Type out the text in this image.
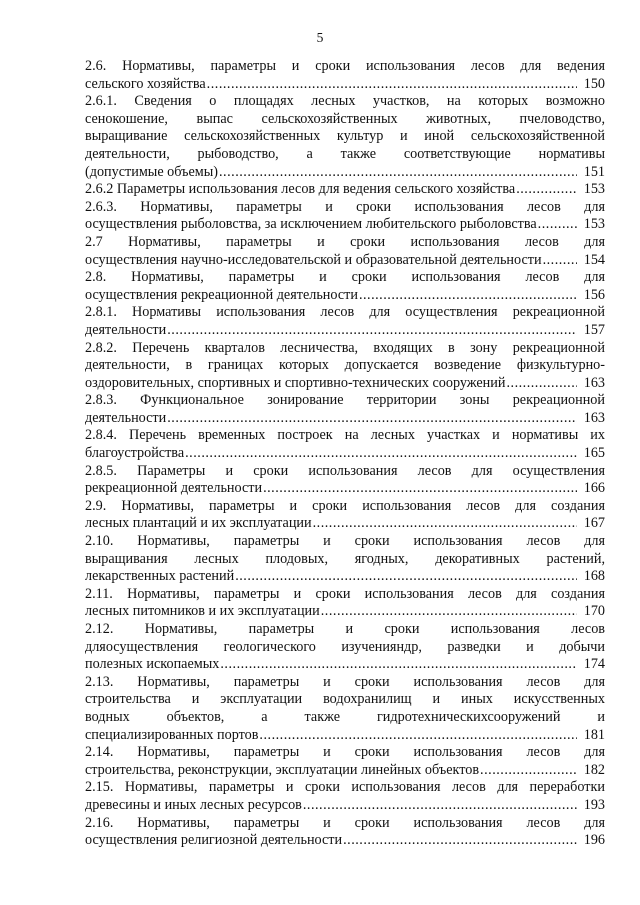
5
2.6. Нормативы, параметры и сроки использования лесов для ведения
сельского хозяйства .....	150
2.6.1. Сведения о площадях лесных участков, на которых возможно
сенокошение, выпас сельскохозяйственных животных, пчеловодство,
выращивание сельскохозяйственных культур и иной сельскохозяйственной
деятельности, рыбоводство, а также соответствующие нормативы
(допустимые объемы) .....	151
2.6.2 Параметры использования лесов для ведения сельского хозяйства .....	153
2.6.3. Нормативы, параметры и сроки использования лесов для
осуществления рыболовства, за исключением любительского рыболовства .....	153
2.7 Нормативы, параметры и сроки использования лесов для
осуществления научно-исследовательской и образовательной деятельности .....	154
2.8. Нормативы, параметры и сроки использования лесов для
осуществления рекреационной деятельности .....	156
2.8.1. Нормативы использования лесов для осуществления рекреационной
деятельности .....	157
2.8.2. Перечень кварталов лесничества, входящих в зону рекреационной
деятельности, в границах которых допускается возведение физкультурно-
оздоровительных, спортивных и спортивно-технических сооружений .....	163
2.8.3. Функциональное зонирование территории зоны рекреационной
деятельности .....	163
2.8.4. Перечень временных построек на лесных участках и нормативы их
благоустройства .....	165
2.8.5. Параметры и сроки использования лесов для осуществления
рекреационной деятельности .....	166
2.9. Нормативы, параметры и сроки использования лесов для создания
лесных плантаций и их эксплуатации .....	167
2.10. Нормативы, параметры и сроки использования лесов для
выращивания лесных плодовых, ягодных, декоративных растений,
лекарственных растений .....	168
2.11. Нормативы, параметры и сроки использования лесов для создания
лесных питомников и их эксплуатации .....	170
2.12. Нормативы, параметры и сроки использования лесов
дляосуществления геологического изученияндр, разведки и добычи
полезных ископаемых .....	174
2.13. Нормативы, параметры и сроки использования лесов для
строительства и эксплуатации водохранилищ и иных искусственных
водных объектов, а также гидротехническихсооружений и
специализированных портов .....	181
2.14. Нормативы, параметры и сроки использования лесов для
строительства, реконструкции, эксплуатации линейных объектов .....	182
2.15. Нормативы, параметры и сроки использования лесов для переработки
древесины и иных лесных ресурсов .....	193
2.16. Нормативы, параметры и сроки использования лесов для
осуществления религиозной деятельности .....	196
